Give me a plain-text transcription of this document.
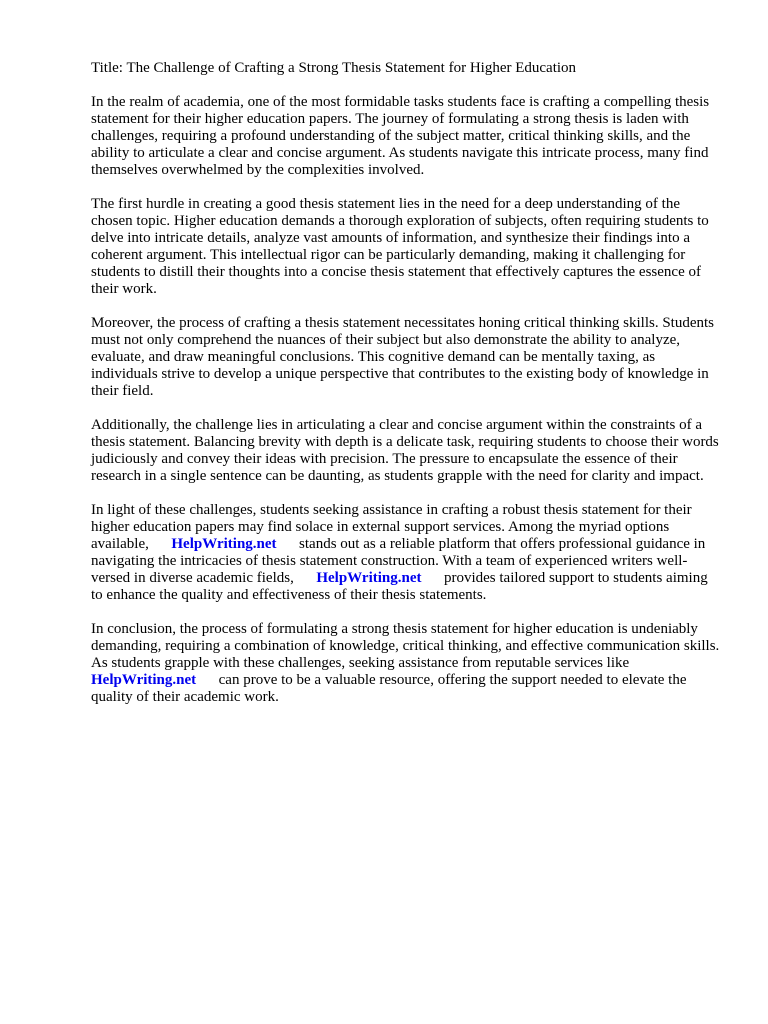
Title: The Challenge of Crafting a Strong Thesis Statement for Higher Education

In the realm of academia, one of the most formidable tasks students face is crafting a compelling thesis statement for their higher education papers. The journey of formulating a strong thesis is laden with challenges, requiring a profound understanding of the subject matter, critical thinking skills, and the ability to articulate a clear and concise argument. As students navigate this intricate process, many find themselves overwhelmed by the complexities involved.

The first hurdle in creating a good thesis statement lies in the need for a deep understanding of the chosen topic. Higher education demands a thorough exploration of subjects, often requiring students to delve into intricate details, analyze vast amounts of information, and synthesize their findings into a coherent argument. This intellectual rigor can be particularly demanding, making it challenging for students to distill their thoughts into a concise thesis statement that effectively captures the essence of their work.

Moreover, the process of crafting a thesis statement necessitates honing critical thinking skills. Students must not only comprehend the nuances of their subject but also demonstrate the ability to analyze, evaluate, and draw meaningful conclusions. This cognitive demand can be mentally taxing, as individuals strive to develop a unique perspective that contributes to the existing body of knowledge in their field.

Additionally, the challenge lies in articulating a clear and concise argument within the constraints of a thesis statement. Balancing brevity with depth is a delicate task, requiring students to choose their words judiciously and convey their ideas with precision. The pressure to encapsulate the essence of their research in a single sentence can be daunting, as students grapple with the need for clarity and impact.

In light of these challenges, students seeking assistance in crafting a robust thesis statement for their higher education papers may find solace in external support services. Among the myriad options available, HelpWriting.net stands out as a reliable platform that offers professional guidance in navigating the intricacies of thesis statement construction. With a team of experienced writers well-versed in diverse academic fields, HelpWriting.net provides tailored support to students aiming to enhance the quality and effectiveness of their thesis statements.

In conclusion, the process of formulating a strong thesis statement for higher education is undeniably demanding, requiring a combination of knowledge, critical thinking, and effective communication skills. As students grapple with these challenges, seeking assistance from reputable services like HelpWriting.net can prove to be a valuable resource, offering the support needed to elevate the quality of their academic work.
